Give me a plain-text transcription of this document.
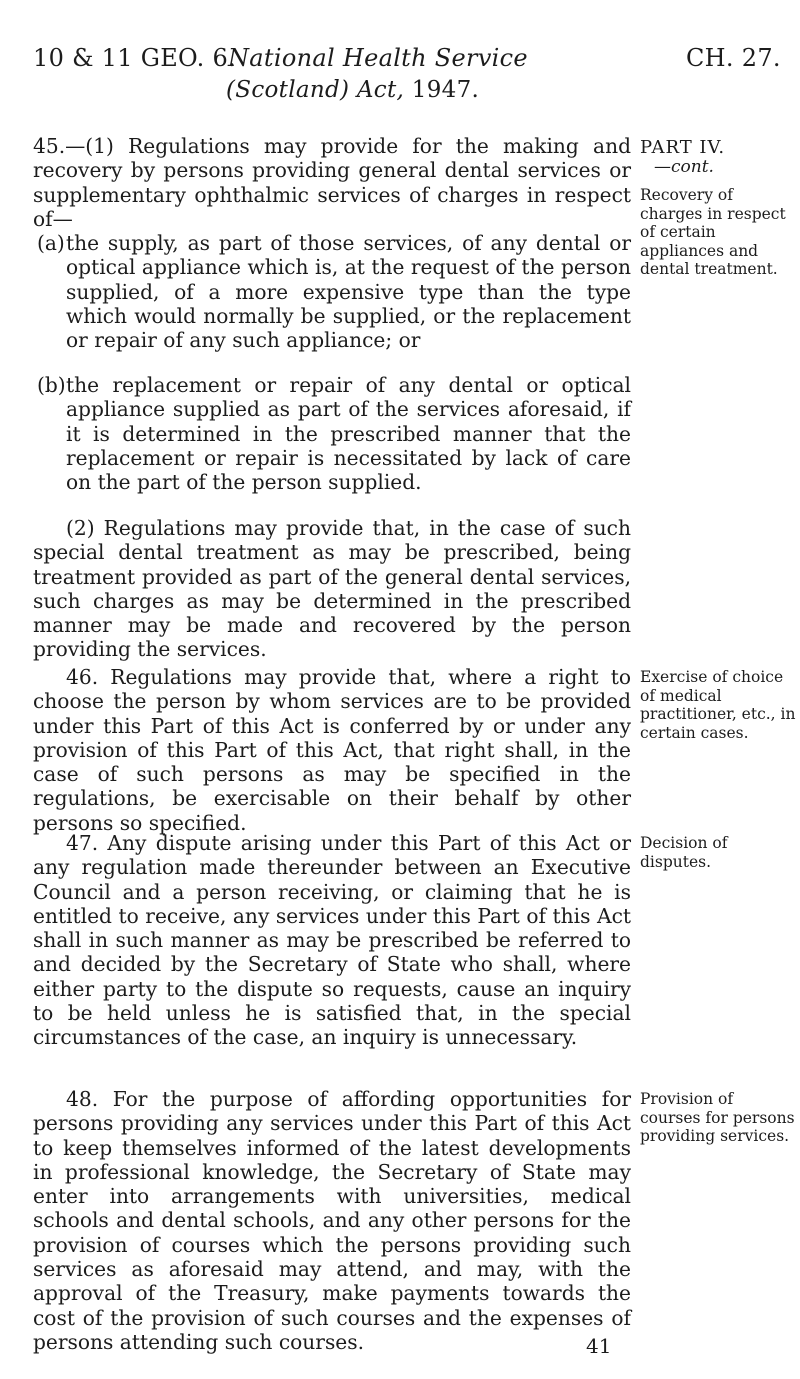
10 & 11 GEO. 6.
National Health Service	CH. 27.
(Scotland) Act, 1947.

45.—(1) Regulations may provide for the making and recovery by persons providing general dental services or supplementary ophthalmic services of charges in respect of—

(a) the supply, as part of those services, of any dental or optical appliance which is, at the request of the person supplied, of a more expensive type than the type which would normally be supplied, or the replacement or repair of any such appliance; or

(b) the replacement or repair of any dental or optical appliance supplied as part of the services aforesaid, if it is determined in the prescribed manner that the replacement or repair is necessitated by lack of care on the part of the person supplied.

(2) Regulations may provide that, in the case of such special dental treatment as may be prescribed, being treatment provided as part of the general dental services, such charges as may be determined in the prescribed manner may be made and recovered by the person providing the services.

46. Regulations may provide that, where a right to choose the person by whom services are to be provided under this Part of this Act is conferred by or under any provision of this Part of this Act, that right shall, in the case of such persons as may be specified in the regulations, be exercisable on their behalf by other persons so specified.

47. Any dispute arising under this Part of this Act or any regulation made thereunder between an Executive Council and a person receiving, or claiming that he is entitled to receive, any services under this Part of this Act shall in such manner as may be prescribed be referred to and decided by the Secretary of State who shall, where either party to the dispute so requests, cause an inquiry to be held unless he is satisfied that, in the special circumstances of the case, an inquiry is unnecessary.

48. For the purpose of affording opportunities for persons providing any services under this Part of this Act to keep themselves informed of the latest developments in professional knowledge, the Secretary of State may enter into arrangements with universities, medical schools and dental schools, and any other persons for the provision of courses which the persons providing such services as aforesaid may attend, and may, with the approval of the Treasury, make payments towards the cost of the provision of such courses and the expenses of persons attending such courses.

PART IV.
—cont.
Recovery of charges in respect of certain appliances and dental treatment.
Exercise of choice of medical practitioner, etc., in certain cases.
Decision of disputes.
Provision of courses for persons providing services.
41
